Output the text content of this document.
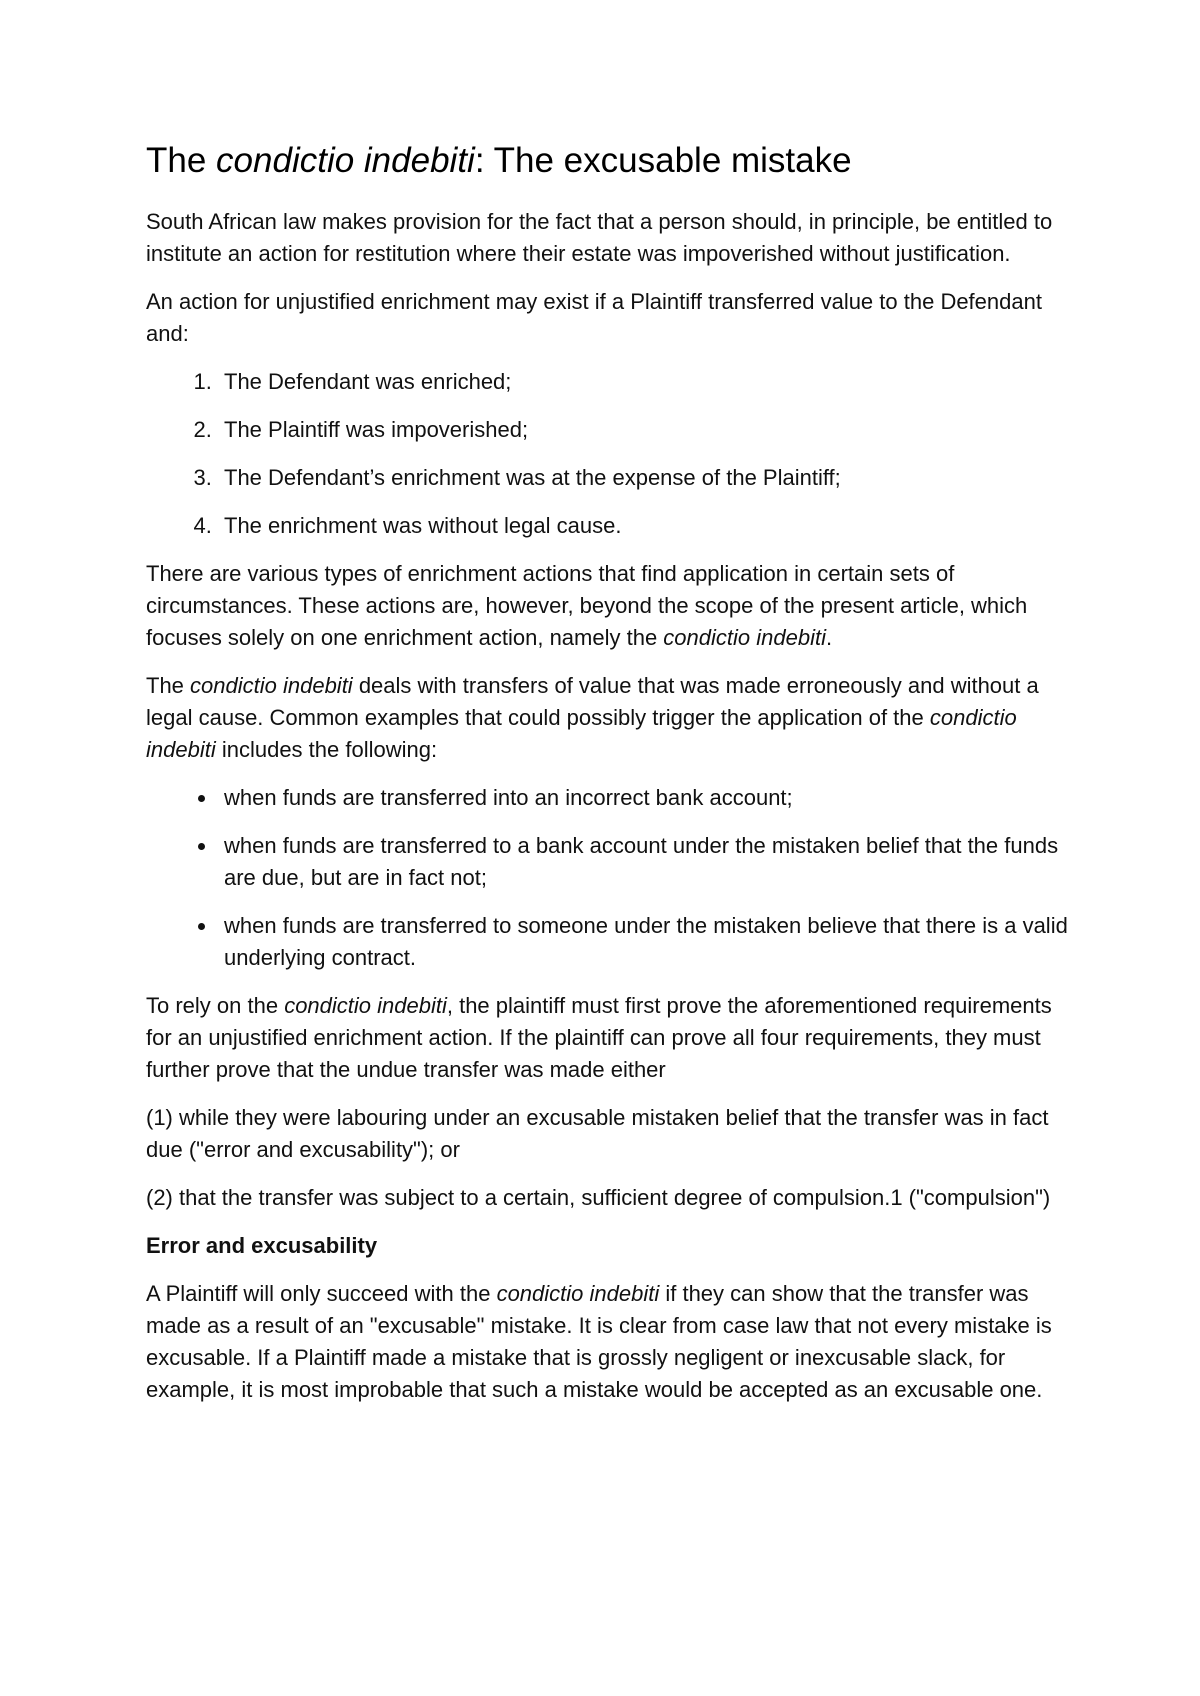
The condictio indebiti: The excusable mistake

South African law makes provision for the fact that a person should, in principle, be entitled to institute an action for restitution where their estate was impoverished without justification.

An action for unjustified enrichment may exist if a Plaintiff transferred value to the Defendant and:

1. The Defendant was enriched;
2. The Plaintiff was impoverished;
3. The Defendant’s enrichment was at the expense of the Plaintiff;
4. The enrichment was without legal cause.

There are various types of enrichment actions that find application in certain sets of circumstances. These actions are, however, beyond the scope of the present article, which focuses solely on one enrichment action, namely the condictio indebiti.

The condictio indebiti deals with transfers of value that was made erroneously and without a legal cause. Common examples that could possibly trigger the application of the condictio indebiti includes the following:

• when funds are transferred into an incorrect bank account;
• when funds are transferred to a bank account under the mistaken belief that the funds are due, but are in fact not;
• when funds are transferred to someone under the mistaken believe that there is a valid underlying contract.

To rely on the condictio indebiti, the plaintiff must first prove the aforementioned requirements for an unjustified enrichment action. If the plaintiff can prove all four requirements, they must further prove that the undue transfer was made either

(1) while they were labouring under an excusable mistaken belief that the transfer was in fact due ("error and excusability"); or

(2) that the transfer was subject to a certain, sufficient degree of compulsion.1 ("compulsion")

Error and excusability

A Plaintiff will only succeed with the condictio indebiti if they can show that the transfer was made as a result of an "excusable" mistake. It is clear from case law that not every mistake is excusable. If a Plaintiff made a mistake that is grossly negligent or inexcusable slack, for example, it is most improbable that such a mistake would be accepted as an excusable one.
